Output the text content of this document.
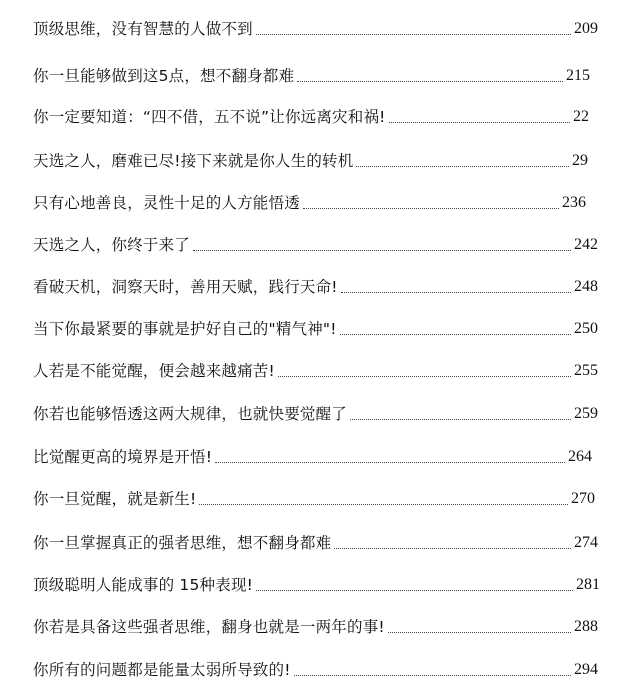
顶级思维，没有智慧的人做不到	209
你一旦能够做到这5点，想不翻身都难	215
你一定要知道：“四不借，五不说”让你远离灾和祸!	22
天选之人，磨难已尽!接下来就是你人生的转机	29
只有心地善良，灵性十足的人方能悟透	236
天选之人，你终于来了	242
看破天机，洞察天时，善用天赋，践行天命!	248
当下你最紧要的事就是护好自己的"精气神"!	250
人若是不能觉醒，便会越来越痛苦!	255
你若也能够悟透这两大规律，也就快要觉醒了	259
比觉醒更高的境界是开悟!	264
你一旦觉醒，就是新生!	270
你一旦掌握真正的强者思维，想不翻身都难	274
顶级聪明人能成事的 15种表现!	281
你若是具备这些强者思维，翻身也就是一两年的事!	288
你所有的问题都是能量太弱所导致的!	294
